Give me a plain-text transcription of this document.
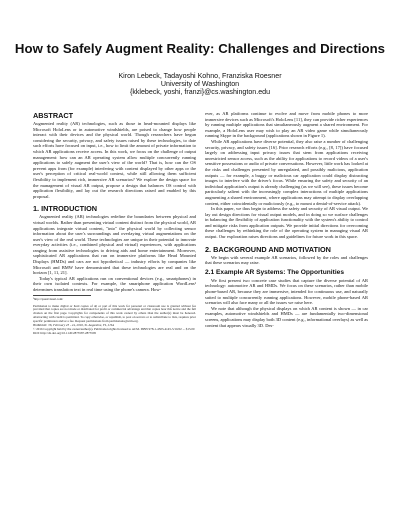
How to Safely Augment Reality: Challenges and Directions
Kiron Lebeck, Tadayoshi Kohno, Franziska Roesner
University of Washington
{kklebeck, yoshi, franzi}@cs.washington.edu
ABSTRACT

Augmented reality (AR) technologies, such as those in head-mounted displays like Microsoft HoloLens or in automotive windshields, are poised to change how people interact with their devices and the physical world. Though researchers have begun considering the security, privacy, and safety issues raised by these technologies, to date such efforts have focused on input, i.e., how to limit the amount of private information to which AR applications receive access. In this work, we focus on the challenge of output management: how can an AR operating system allow multiple concurrently running applications to safely augment the user's view of the world? That is, how can the OS prevent apps from (for example) interfering with content displayed by other apps or the user's perception of critical real-world context, while still allowing them sufficient flexibility to implement rich, immersive AR scenarios? We explore the design space for the management of visual AR output, propose a design that balances OS control with application flexibility, and lay out the research directions raised and enabled by this proposal.

1. INTRODUCTION

Augmented reality (AR) technologies redefine the boundaries between physical and virtual worlds. Rather than presenting virtual content distinct from the physical world, AR applications integrate virtual content, "into" the physical world by collecting sensor information about the user's surroundings and overlaying virtual augmentations on the user's view of the real world. These technologies are unique in their potential to innovate everyday activities (i.e., combined physical and virtual) experiences, with applications ranging from assistive technologies to driving aids and home entertainment. Moreover, sophisticated AR applications that run on immersive platforms like Head Mounted Displays (HMDs) and cars are not hypothetical — industry efforts by companies like Microsoft and BMW have demonstrated that these technologies are real and on the horizon [1, 11, 21].

Today's typical AR applications run on conventional devices (e.g., smartphones) in their own isolated contexts. For example, the smartphone application WordLens¹ determines translation text in real time using the phone's camera. How-

¹http://questvisual.com/

Permission to make digital or hard copies of all or part of this work for personal or classroom use is granted without fee provided that copies are not made or distributed for profit or commercial advantage and that copies bear this notice and the full citation on the first page. Copyrights for components of this work owned by others than the author(s) must be honored. Abstracting with credit is permitted. To copy otherwise, or republish, to post on servers or to redistribute to lists, requires prior specific permission and/or a fee. Request permissions from permissions@acm.org.

HotMobile '16, February 23 - 24, 2016, St. Augustine, FL, USA

© 2016 Copyright held by the owner/author(s). Publication rights licensed to ACM. ISBN 978-1-4503-4145-5/16/02 ... $15.00

DOI: http://dx.doi.org/10.1145/2873587.2873595

ever, as AR platforms continue to evolve and move from mobile phones to more immersive devices such as Microsoft's HoloLens [11], they can provide richer experiences by running multiple applications that simultaneously augment a shared environment. For example, a HoloLens user may wish to play an AR video game while simultaneously running Skype in the background (applications shown in Figure 1).

While AR applications have diverse potential, they also raise a number of challenging security, privacy, and safety issues [16]. Prior research efforts (e.g., [8, 17]) have focused largely on addressing input privacy issues that stem from applications receiving unrestricted sensor access, such as the ability for applications to record videos of a user's sensitive possessions or audio of private conversations. However, little work has looked at the risks and challenges presented by unregulated, and possibly malicious, application outputs — for example, a buggy or malicious car application could display distracting images to interfere with the driver's focus. While ensuring the safety and security of an individual application's output is already challenging (as we will see), these issues become particularly salient with the increasingly complex interactions of multiple applications augmenting a shared environment, where applications may attempt to display overlapping content, either coincidentally or maliciously (e.g., to mount a denial-of-service attack).

In this paper, we thus begin to address the safety and security of AR visual output. We lay out design directions for visual output models, and in doing so we surface challenges in balancing the flexibility of application functionality with the system's ability to control and mitigate risks from application outputs. We provide initial directions for overcoming these challenges by rethinking the role of the operating system in managing visual AR output. Our exploration raises directions and guidelines for future work in this space.

2. BACKGROUND AND MOTIVATION

We begin with several example AR scenarios, followed by the roles and challenges that these scenarios may raise.

2.1 Example AR Systems: The Opportunities

We first present two concrete case studies that capture the diverse potential of AR technology: automotive AR and HMDs. We focus on these scenarios, rather than mobile phone-based AR, because they are immersive, intended for continuous use, and naturally suited to multiple concurrently running applications. However, mobile phone-based AR scenarios will also face many or all the issues we raise here.

We note that although the physical displays on which AR content is shown — in car examples, automotive windshields and HMDs — are fundamentally two-dimensional screens, applications may display both 3D content (e.g., informational overlays) as well as content that appears visually 3D. Des-
